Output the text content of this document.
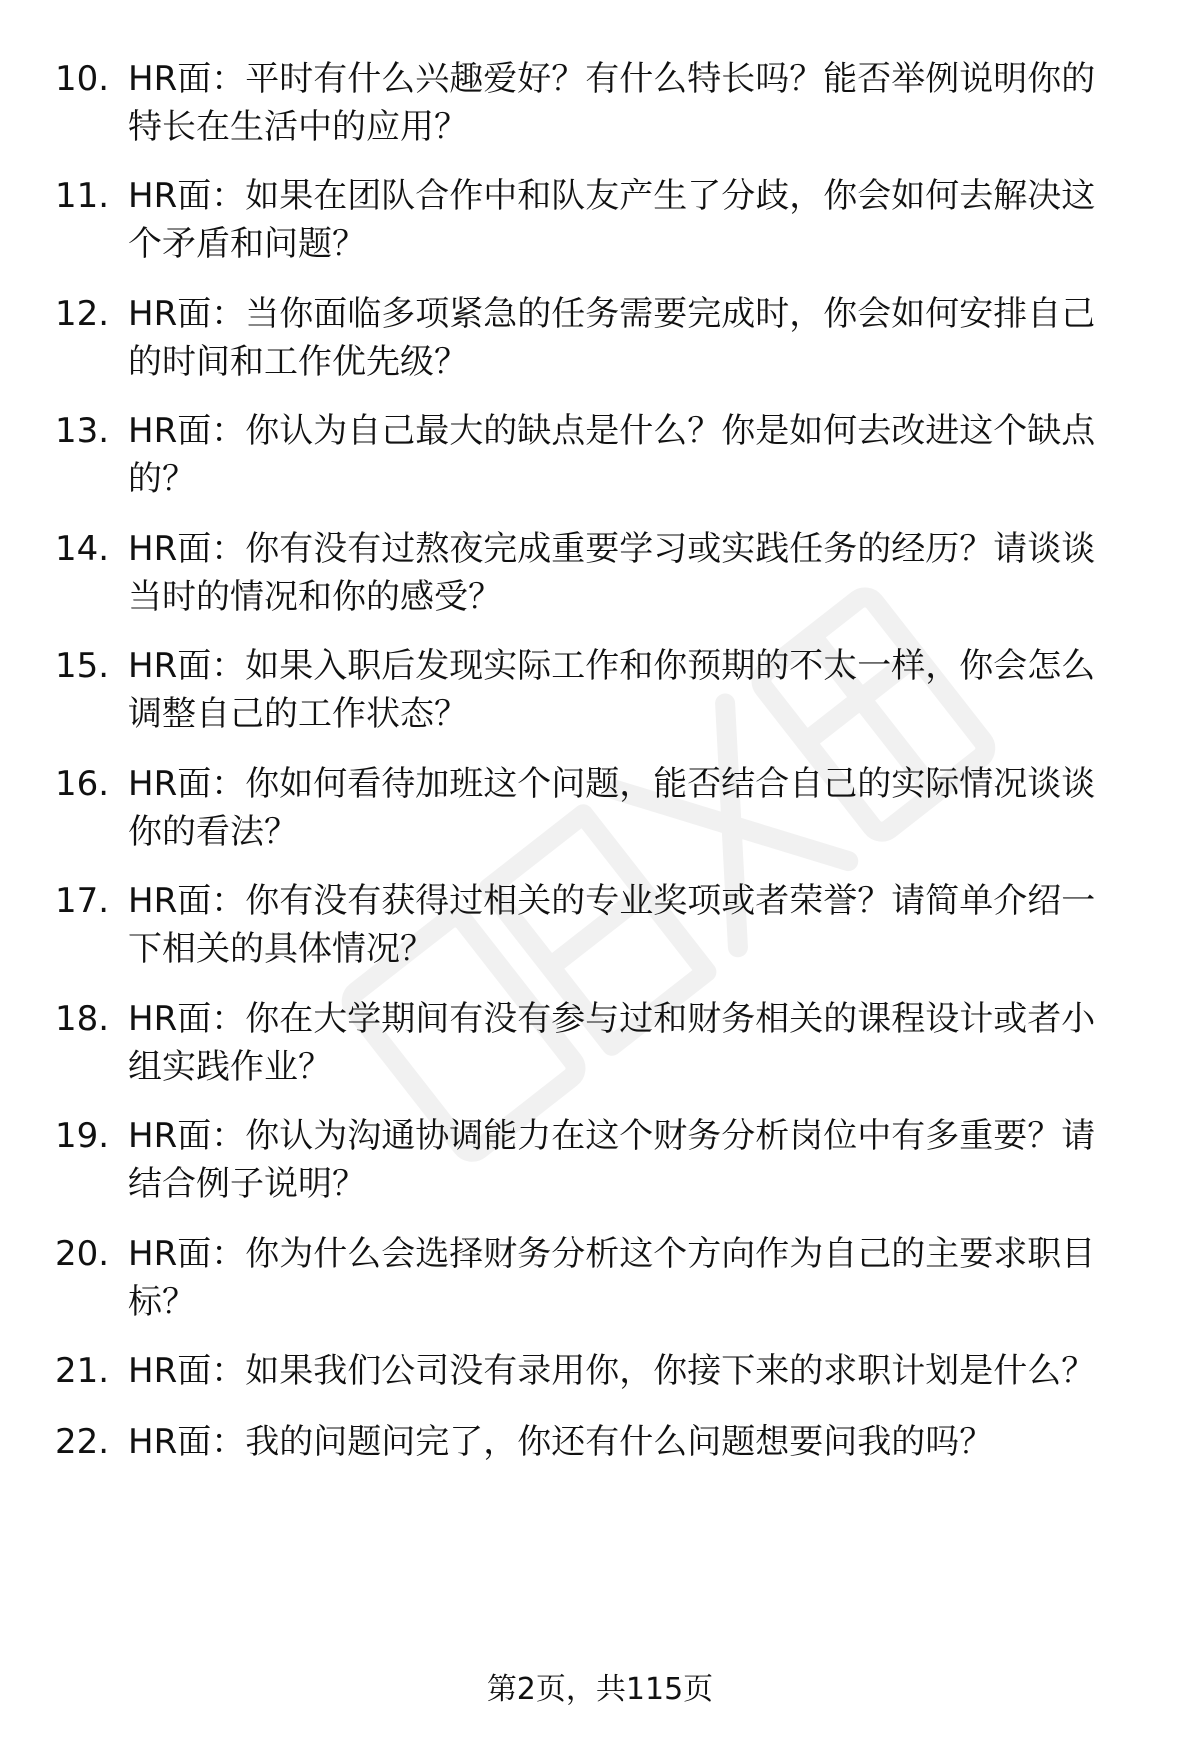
10. HR面：平时有什么兴趣爱好？有什么特长吗？能否举例说明你的
特长在生活中的应用？
11. HR面：如果在团队合作中和队友产生了分歧，你会如何去解决这
个矛盾和问题？
12. HR面：当你面临多项紧急的任务需要完成时，你会如何安排自己
的时间和工作优先级？
13. HR面：你认为自己最大的缺点是什么？你是如何去改进这个缺点
的？
14. HR面：你有没有过熬夜完成重要学习或实践任务的经历？请谈谈
当时的情况和你的感受？
15. HR面：如果入职后发现实际工作和你预期的不太一样，你会怎么
调整自己的工作状态？
16. HR面：你如何看待加班这个问题，能否结合自己的实际情况谈谈
你的看法？
17. HR面：你有没有获得过相关的专业奖项或者荣誉？请简单介绍一
下相关的具体情况？
18. HR面：你在大学期间有没有参与过和财务相关的课程设计或者小
组实践作业？
19. HR面：你认为沟通协调能力在这个财务分析岗位中有多重要？请
结合例子说明？
20. HR面：你为什么会选择财务分析这个方向作为自己的主要求职目
标？
21. HR面：如果我们公司没有录用你，你接下来的求职计划是什么？
22. HR面：我的问题问完了，你还有什么问题想要问我的吗？
第2页，共115页
